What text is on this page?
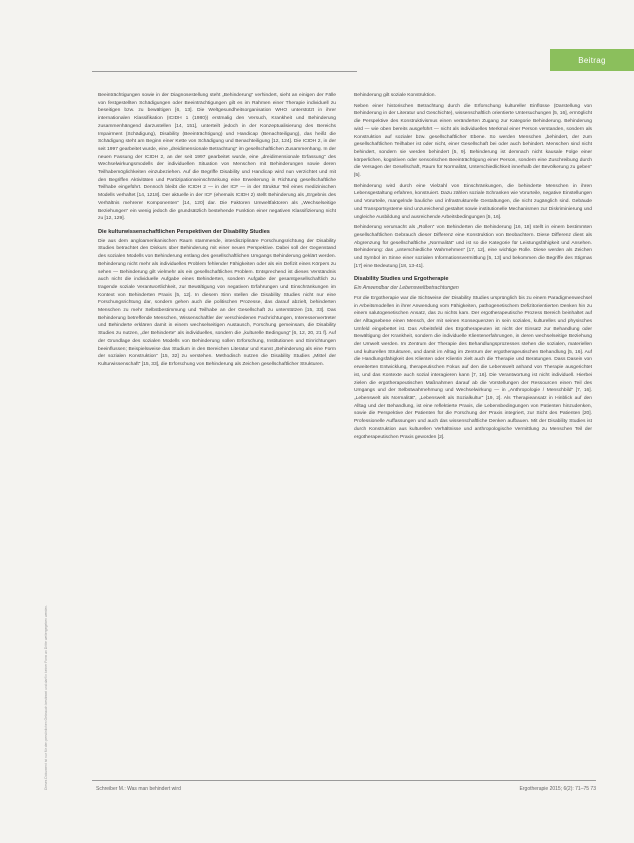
Beitrag
Dieses Dokument ist nur für den persönlichen Gebrauch bestimmt und darf in keiner Form an Dritte weitergegeben werden.

Beeinträchtigungen sowie in der Diagnosestellung steht „Behinderung“ verhindert, sieht an einigen der Fälle von festgestellten Schädigungen oder Beeinträchtigungen gilt es im Rahmen einer Therapie individuell zu beseitigen bzw. zu bewältigen [6, 13]. Die Weltgesundheitsorganisation WHO unterstützt in ihrer internationalen Klassifikation (ICIDH 1 (1980)) erstmalig den Versuch, Krankheit und Behinderung zusammenhängend darzustellen [14, 151], unterteilt jedoch in der Konzeptualisierung des Bereichs Impairment (Schädigung), Disability (Beeinträchtigung) und Handicap (Benachteiligung), das heißt die Schädigung steht am Beginn einer Kette von Schädigung und Benachteiligung [12, 124]. Die ICIDH 2, in der seit 1997 gearbeitet wurde, eine „dreidimensionale Betrachtung“ im gesellschaftlichen Zusammenhang. In der neuen Fassung der ICIDH 2, an der seit 1997 gearbeitet wurde, eine „dreidimensionale Erfassung“ des Wechselwirkungsmodells der individuellen Situation von Menschen mit Behinderungen sowie deren Teilhabemöglichkeiten einzubeziehen. Auf die Begriffe Disability und Handicap wird nun verzichtet und mit den Begriffen Aktivitäten und Partizipationseinschränkung eine Erweiterung in Richtung gesellschaftliche Teilhabe eingeführt. Dennoch bleibt die ICIDH 2 — in der ICF — in der Struktur Teil eines medizinischen Modells verhaftet [14, 1218]. Der aktuelle in der ICF (ehemals ICIDH 2) stellt Behinderung als „Ergebnis des Verhältnis mehrerer Komponenten“ [14, 120] dar. Die Faktoren Umweltfaktoren als „Wechselseitige Beziehungen“ ein wenig jedoch die grundsätzlich bestehende Funktion einer negativen Klassifizierung nicht zu [12, 129].

Die kulturwissenschaftlichen Perspektiven der Disability Studies

Die aus dem angloamerikanischen Raum stammende, interdisziplinäre Forschungsrichtung der Disability Studies betrachtet den Diskurs über Behinderung mit einer neuen Perspektive. Dabei soll der Gegenstand des sozialen Modells von Behinderung entlang des gesellschaftlichen Umgangs Behinderung geklärt werden. Behinderung nicht mehr als individuelles Problem fehlender Fähigkeiten oder als ein Defizit eines Körpers zu sehen — Behinderung gilt vielmehr als ein gesellschaftliches Problem. Entsprechend ist dieses Verständnis auch nicht die individuelle Aufgabe eines Behinderten, sondern Aufgabe der gesamtgesellschaftlich zu tragende soziale Verantwortlichkeit, zur Bewältigung von negativen Erfahrungen und Einschränkungen im Kontext von Behinderten Praxis [5, 12]. In diesem Sinn stellen die Disability Studies nicht nur eine Forschungsrichtung dar, sondern gehen auch die politischen Prozesse, das darauf abzielt, behinderten Menschen zu mehr Selbstbestimmung und Teilhabe an der Gesellschaft zu unterstützen [15, 33]. Das Behinderung betreffende Menschen, Wissenschaftler der verschiedenen Fachrichtungen, Interessenvertreter und Behinderte erklären damit in einem wechselseitigen Austausch, Forschung gemeinsam, die Disability Studies zu nutzen, „der Behinderte“ als individuelles, sondern die „kulturelle Bedingung“ [6, 12, 20, 21 f]. Auf der Grundlage des sozialen Modells von Behinderung sollen Erforschung, Institutionen und Einrichtungen beeinflussen; Beispielsweise das Studium in den Bereichen Literatur und Kunst „Behinderung als eine Form der sozialen Konstruktion“ [15, 32] zu verstehen. Methodisch nutzen die Disability Studies „Mittel der Kulturwissenschaft“ [15, 33], die Erforschung von Behinderung als Zeichen gesellschaftlicher Strukturen.

Behinderung gilt soziale Konstruktion.

Neben einer historischen Betrachtung durch die Erforschung kultureller Einflüsse (Darstellung von Behinderung in der Literatur und Geschichte), wissenschaftlich orientierte Untersuchungen [5, 16], ermöglicht die Perspektive des Konstruktivismus einen veränderten Zugang zur Kategorie Behinderung. Behinderung wird — wie oben bereits ausgeführt — nicht als individuelles Merkmal einer Person verstanden, sondern als Konstruktion auf sozialer bzw. gesellschaftlicher Ebene. So werden Menschen „behindert, der zum gesellschaftlichen Teilhaber ist oder nicht, einer Gesellschaft bei oder auch behindert. Menschen sind nicht behindert, sondern sie werden behindert [5, 9]. Behinderung ist demnach nicht kausale Folge einer körperlichen, kognitiven oder sensorischen Beeinträchtigung einer Person, sondern eine Zuschreibung durch die Versagen der Gesellschaft, Raum für Normalität, Unterschiedlichkeit innerhalb der Bevölkerung zu geben“ [5].

Behinderung wird durch eine Vielzahl von Einschränkungen, die behinderte Menschen in ihren Lebensgestaltung erfahren, konstruiert. Dazu zählen soziale Schranken wie Vorurteile, negative Einstellungen und Vorurteile, mangelnde bauliche und infrastrukturelle Gestaltungen, die nicht zugänglich sind. Gebäude und Transportsysteme sind unzureichend gestaltet sowie institutionelle Mechanismen zur Diskriminierung und ungleiche Ausbildung und ausreichende Arbeitsbedingungen [5, 16].

Behinderung verursacht als „Rollen“ von Behinderten die Behinderung [16, 18] stellt in einem bestimmten gesellschaftlichen Gebrauch dieser Differenz eine Konstruktion von Beobachtern. Diese Differenz dient als Abgrenzung für gesellschaftliche „Normalität“ und ist so die Kategorie für Leistungsfähigkeit und Ansehen. Behinderung: das „unterschiedliche Wahrnehmen“ [17, 12], eine wichtige Rolle. Diese werden als Zeichen und Symbol im Sinne einer sozialen Informationsvermittlung [5, 13] und bekommen die Begriffe des Stigmas [17] eine Bedeutung [18, 13-41].

Disability Studies und Ergotherapie
Ein Anwendbar der Lebensweltbetrachtungen

Für die Ergotherapie war die Sichtweise der Disability Studies ursprünglich bis zu einem Paradigmenwechsel in Arbeitsmodellen in ihrer Anwendung vom Fähigkeiten, pathogenetischem Defizitorientierten Denken hin zu einem salutogenetischen Ansatz, das zu nichts kam. Der ergotherapeutische Prozess Bereich beinhaltet auf der Alltagsebene einen Mensch, der mit seinen Konsequenzen in sein soziales, kulturelles und physisches Umfeld eingebettet ist. Das Arbeitsfeld des Ergotherapeuten ist nicht der Einsatz zur Behandlung oder Bewältigung der Krankheit, sondern die individuelle Klientenerfahrungen, in deren wechselseitige Beziehung der Umwelt werden. Im Zentrum der Therapie des Behandlungsprozesses stehen die sozialen, materiellen und kulturellen Strukturen, und damit im Alltag im Zentrum der ergotherapeutischen Behandlung [5, 16]. Auf die Handlungsfähigkeit des Klienten oder Klientin zielt auch die Therapie und Beratungen. Dass Dasein von erweiterten Entwicklung, therapeutischen Fokus auf den die Lebenswelt anhand von Therapie ausgerichtet ist, und das Kontexte auch sozial interagieren kann [7, 16]. Die Verantwortung ist nicht individuell. Hierbei zielen die ergotherapeutischen Maßnahmen darauf ab die Vorstellungen der Ressourcen einen Teil des Umgangs und der Selbstwahrnehmung und Wechselwirkung — in „Anthropologie / Menschbild“ [7, 16]. „Lebenswelt als Normalität“, „Lebenswelt als Sozialkultur“ [19, 2]. Als Therapieansatz in Hinblick auf den Alltag und der Behandlung, ist eine reflektierte Praxis, die Lebensbedingungen von Patienten hinzudenken, sowie die Perspektive der Patienten für die Forschung der Praxis integriert, zur Sicht des Patienten [20]. Professionelle Auffassungen und auch das wissenschaftliche Denken aufbauen. Mit der Disability Studies ist durch Konstruktion aus kulturellen Verhältnisse und anthropologische Vermittlung zu Menschen Teil der ergotherapeutischen Praxis geworden [2].

Schreiber M.: Was man behindert wird	Ergotherapie 2015; 6(2): 71–75 73
